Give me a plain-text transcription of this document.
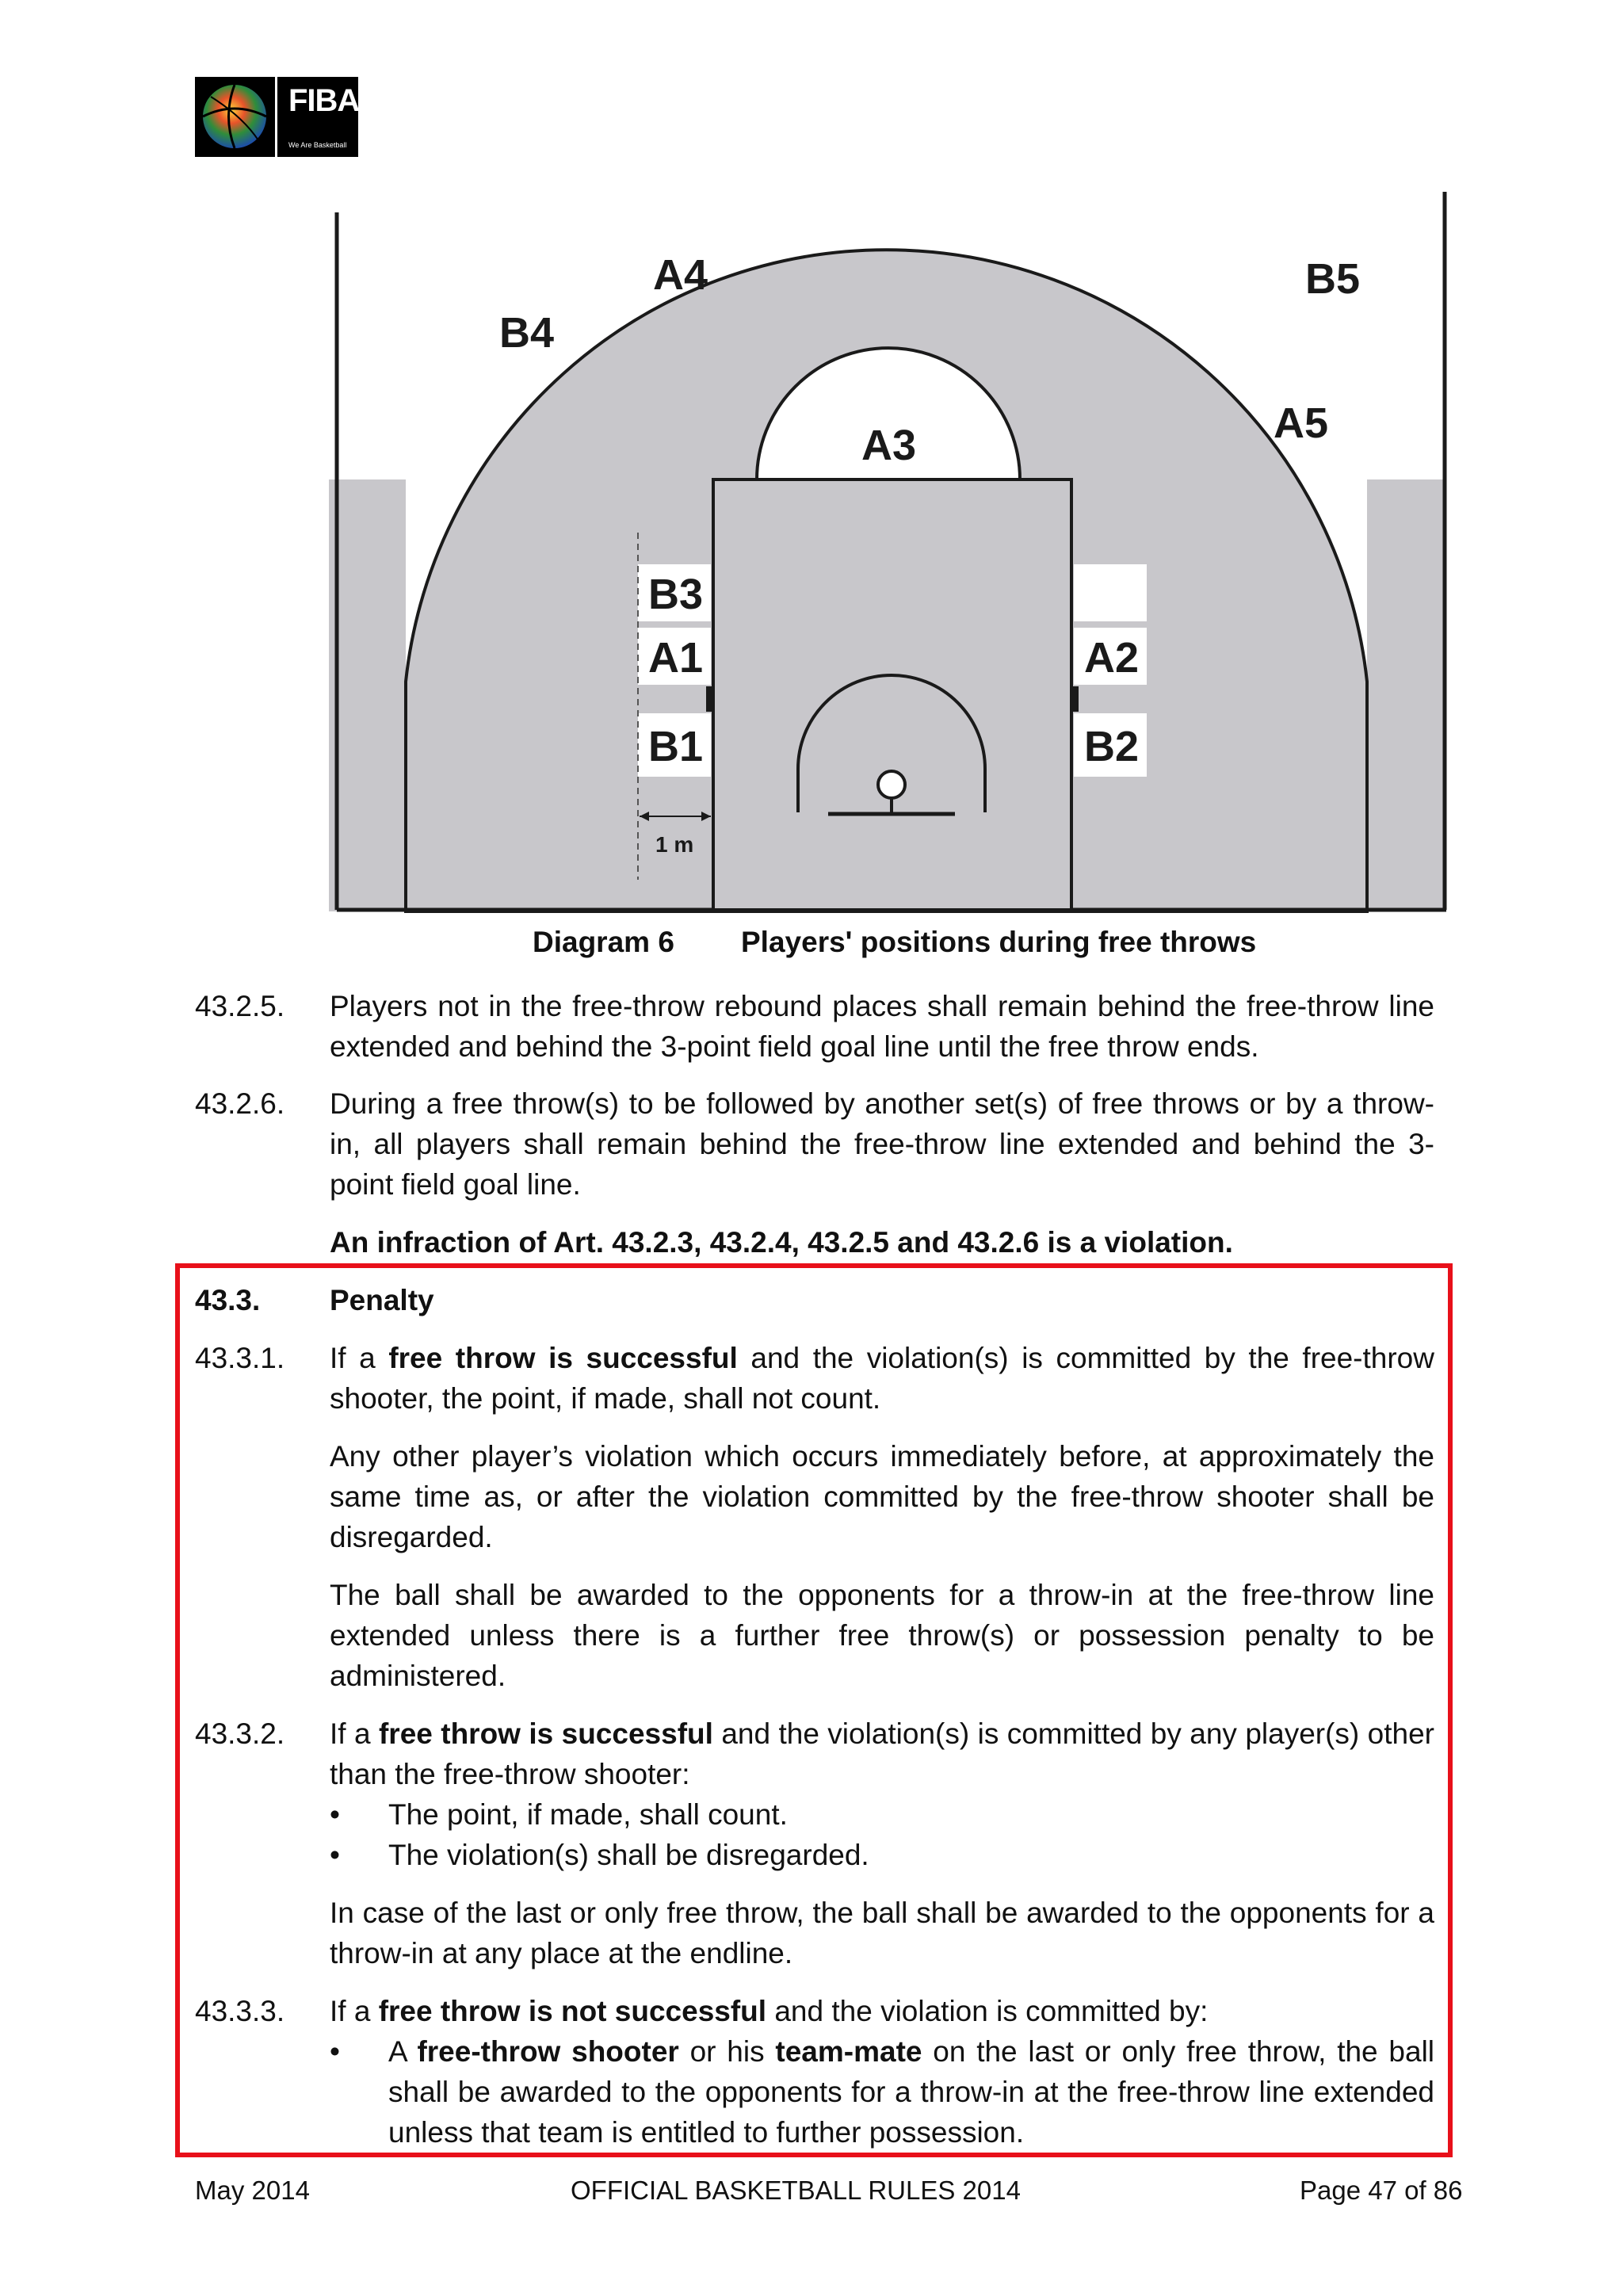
FIBA
We Are Basketball
A4	B5
B4
A5
A3
B3
A1
B1
A2
B2
1 m
Diagram 6 Players' positions during free throws
43.2.5. Players not in the free-throw rebound places shall remain behind the free-throw line extended and behind the 3-point field goal line until the free throw ends.
43.2.6. During a free throw(s) to be followed by another set(s) of free throws or by a throw-in, all players shall remain behind the free-throw line extended and behind the 3-point field goal line.
An infraction of Art. 43.2.3, 43.2.4, 43.2.5 and 43.2.6 is a violation.
43.3. Penalty
43.3.1. If a free throw is successful and the violation(s) is committed by the free-throw shooter, the point, if made, shall not count.
Any other player’s violation which occurs immediately before, at approximately the same time as, or after the violation committed by the free-throw shooter shall be disregarded.
The ball shall be awarded to the opponents for a throw-in at the free-throw line extended unless there is a further free throw(s) or possession penalty to be administered.
43.3.2. If a free throw is successful and the violation(s) is committed by any player(s) other than the free-throw shooter:
• The point, if made, shall count.
• The violation(s) shall be disregarded.
In case of the last or only free throw, the ball shall be awarded to the opponents for a throw-in at any place at the endline.
43.3.3. If a free throw is not successful and the violation is committed by:
• A free-throw shooter or his team-mate on the last or only free throw, the ball shall be awarded to the opponents for a throw-in at the free-throw line extended unless that team is entitled to further possession.
May 2014	OFFICIAL BASKETBALL RULES 2014	Page 47 of 86
